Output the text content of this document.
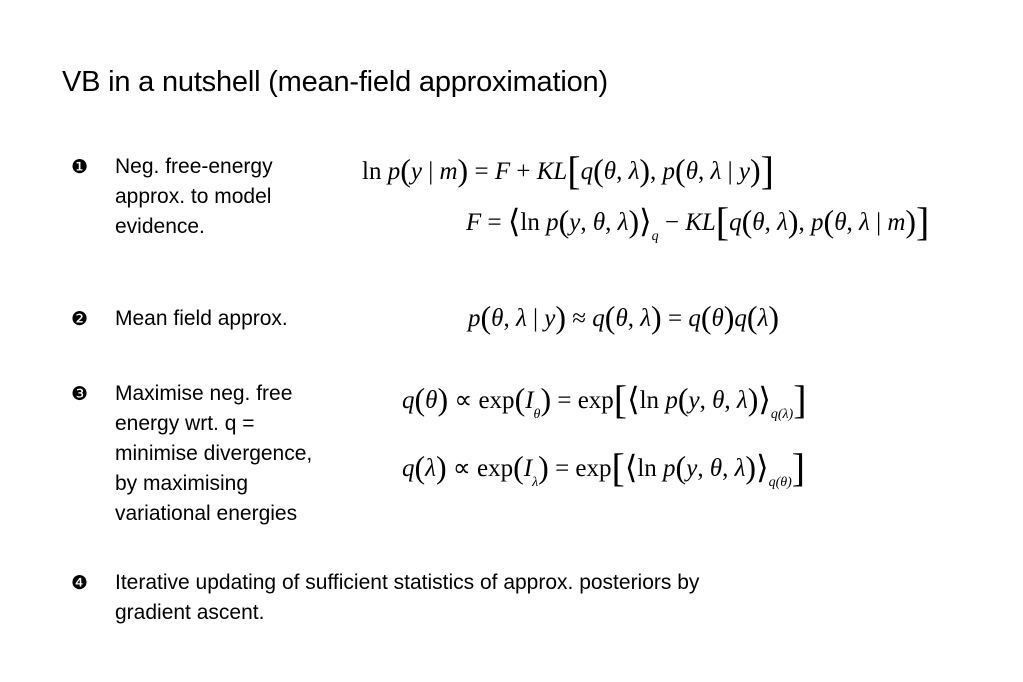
VB in a nutshell (mean-field approximation)
❶ Neg. free-energy
approx. to model
evidence.
❷ Mean field approx.
❸ Maximise neg. free
energy wrt. q =
minimise divergence,
by maximising
variational energies
❹ Iterative updating of sufficient statistics of approx. posteriors by
gradient ascent.
ln p(y | m) = F + KL[q(θ, λ), p(θ, λ | y)]
F = ⟨ln p(y, θ, $\lambda)⟩_q - KL[q(\theta$, λ), p(θ, λ | m)]
p(θ, λ | y) ≈ q(θ, λ) = q(θ)q(λ)
$q(\theta) \propto \exp(I_\theta)$ = exp[⟨ln p(y, θ, $\lambda)⟩_{q(\lambda)}$]
$q(\lambda) \propto \exp(I_\lambda)$ = exp[⟨ln p(y, θ, $\lambda)⟩_{q(\theta)}$]
